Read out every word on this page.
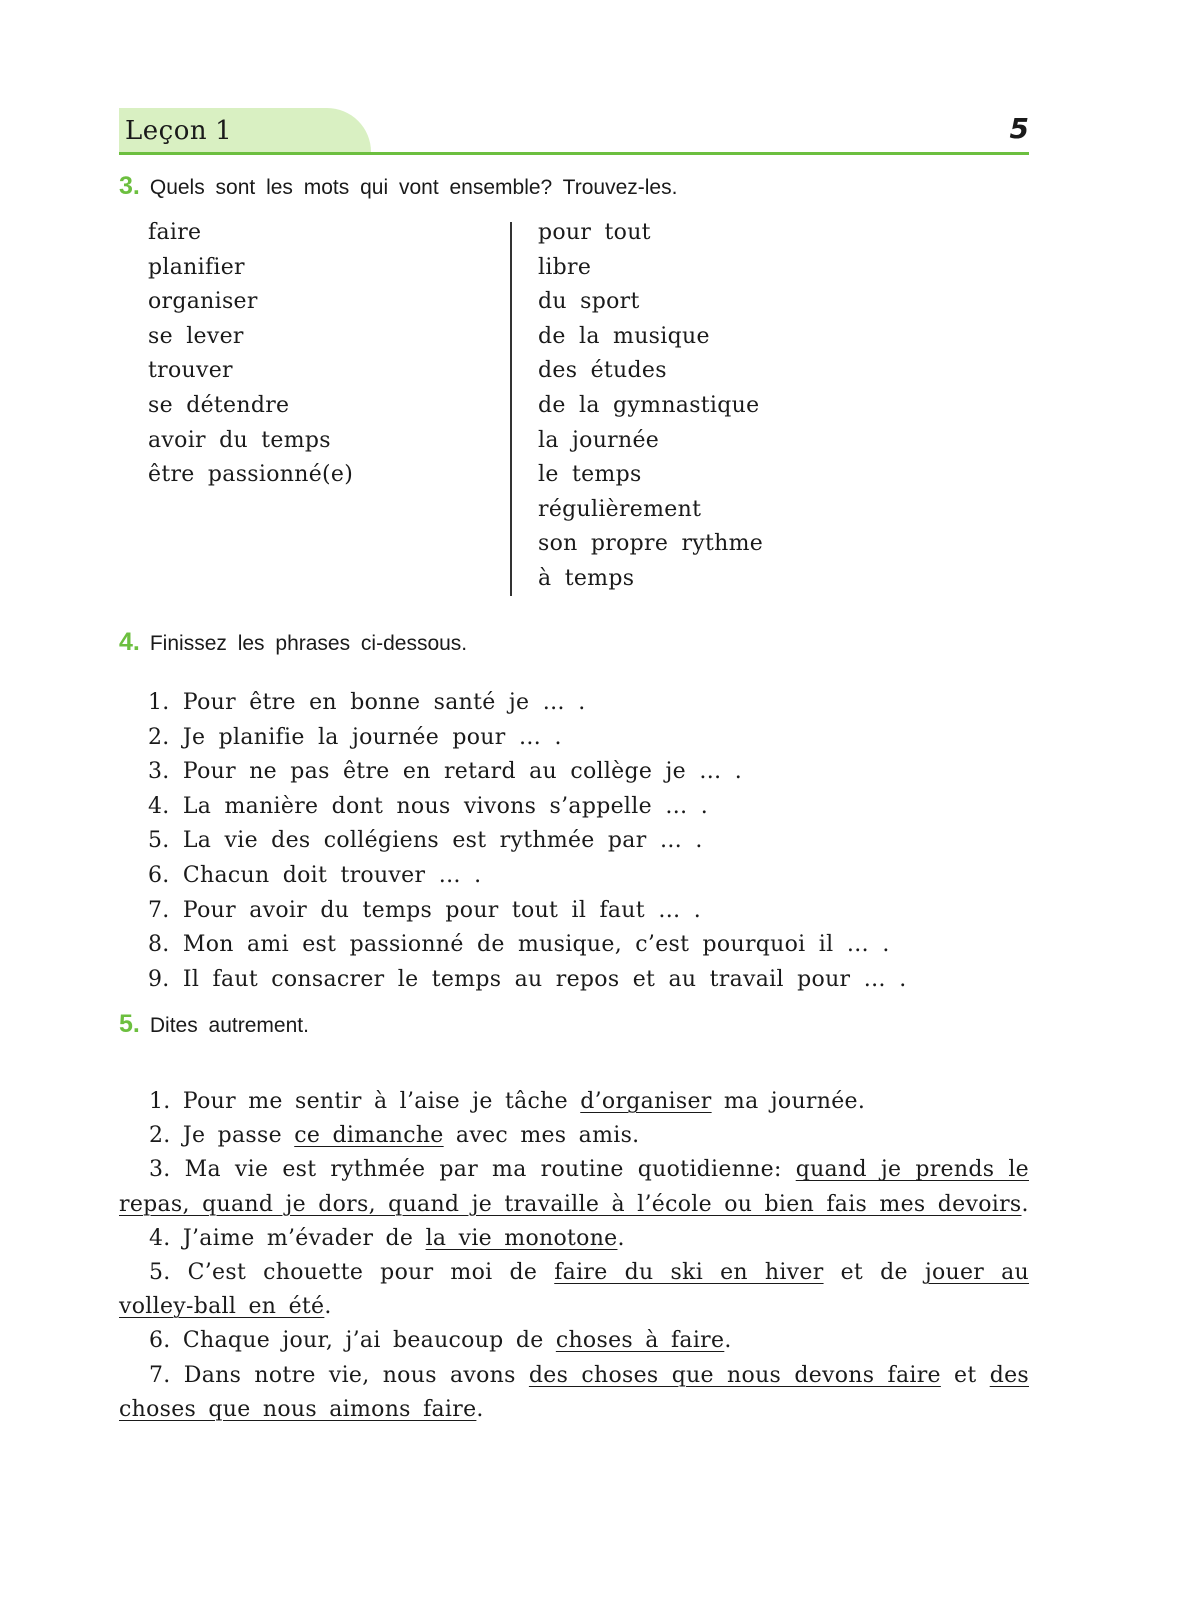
Leçon 1	5
3. Quels sont les mots qui vont ensemble? Trouvez-les.
faire
planifier
organiser
se lever
trouver
se détendre
avoir du temps
être passionné(e)
pour tout
libre
du sport
de la musique
des études
de la gymnastique
la journée
le temps
régulièrement
son propre rythme
à temps
4. Finissez les phrases ci-dessous.
1. Pour être en bonne santé je … .
2. Je planifie la journée pour … .
3. Pour ne pas être en retard au collège je … .
4. La manière dont nous vivons s’appelle … .
5. La vie des collégiens est rythmée par … .
6. Chacun doit trouver … .
7. Pour avoir du temps pour tout il faut … .
8. Mon ami est passionné de musique, c’est pourquoi il … .
9. Il faut consacrer le temps au repos et au travail pour … .
5. Dites autrement.
1. Pour me sentir à l’aise je tâche d’organiser ma journée.
2. Je passe ce dimanche avec mes amis.
3. Ma vie est rythmée par ma routine quotidienne: quand je prends le repas, quand je dors, quand je travaille à l’école ou bien fais mes devoirs.
4. J’aime m’évader de la vie monotone.
5. C’est chouette pour moi de faire du ski en hiver et de jouer au volley-ball en été.
6. Chaque jour, j’ai beaucoup de choses à faire.
7. Dans notre vie, nous avons des choses que nous devons faire et des choses que nous aimons faire.
